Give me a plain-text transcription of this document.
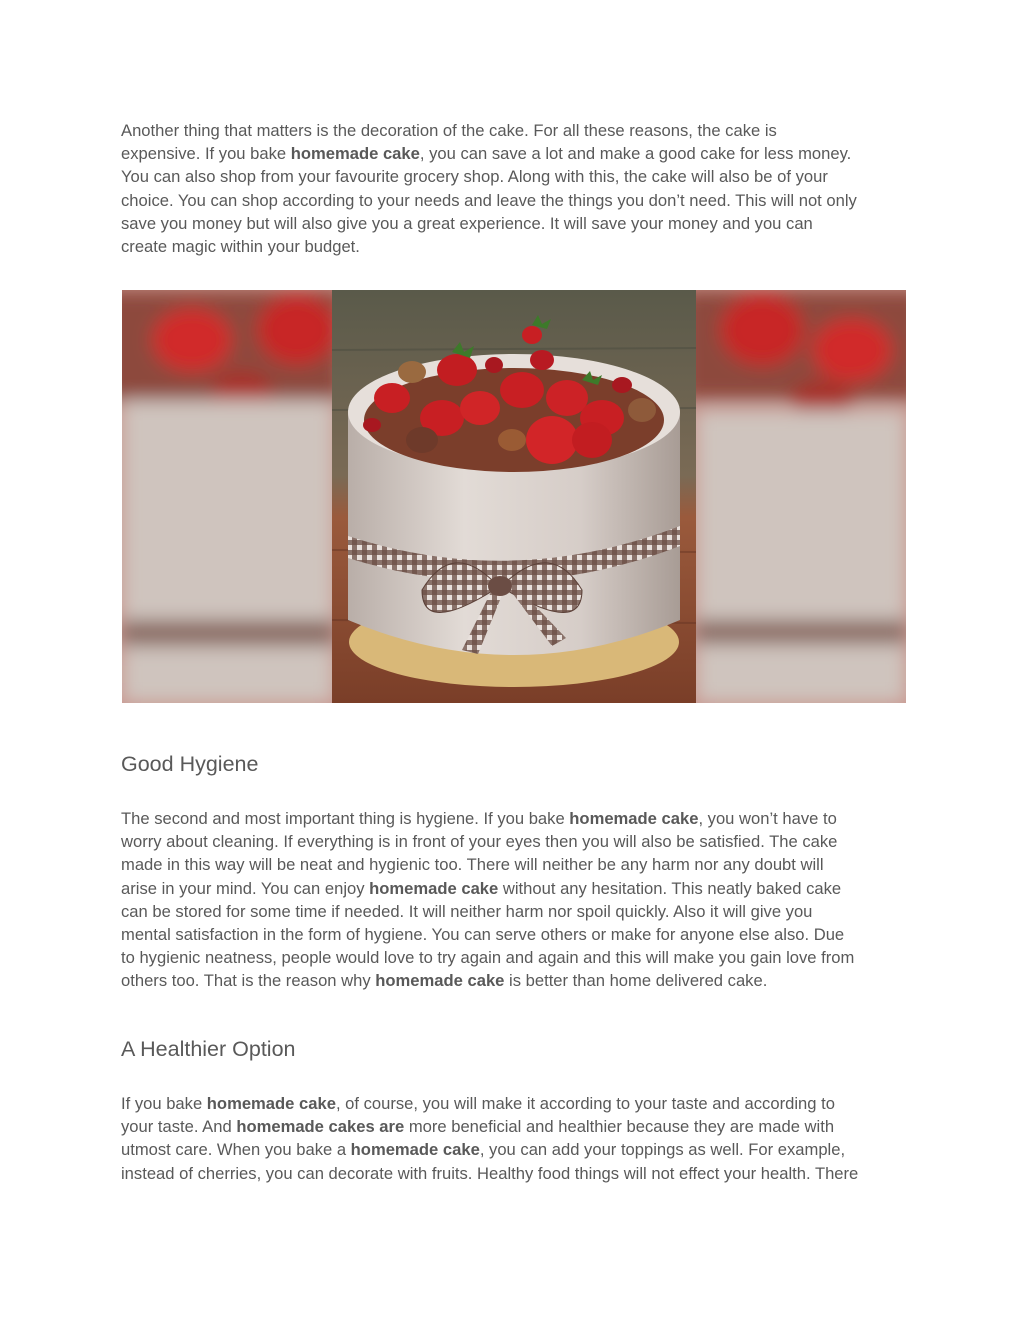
Another thing that matters is the decoration of the cake. For all these reasons, the cake is
expensive. If you bake homemade cake, you can save a lot and make a good cake for less money.
You can also shop from your favourite grocery shop. Along with this, the cake will also be of your
choice. You can shop according to your needs and leave the things you don’t need. This will not only
save you money but will also give you a great experience. It will save your money and you can
create magic within your budget.
Good Hygiene
The second and most important thing is hygiene. If you bake homemade cake, you won’t have to
worry about cleaning. If everything is in front of your eyes then you will also be satisfied. The cake
made in this way will be neat and hygienic too. There will neither be any harm nor any doubt will
arise in your mind. You can enjoy homemade cake without any hesitation. This neatly baked cake
can be stored for some time if needed. It will neither harm nor spoil quickly. Also it will give you
mental satisfaction in the form of hygiene. You can serve others or make for anyone else also. Due
to hygienic neatness, people would love to try again and again and this will make you gain love from
others too. That is the reason why homemade cake is better than home delivered cake.
A Healthier Option
If you bake homemade cake, of course, you will make it according to your taste and according to
your taste. And homemade cakes are more beneficial and healthier because they are made with
utmost care. When you bake a homemade cake, you can add your toppings as well. For example,
instead of cherries, you can decorate with fruits. Healthy food things will not effect your health. There
